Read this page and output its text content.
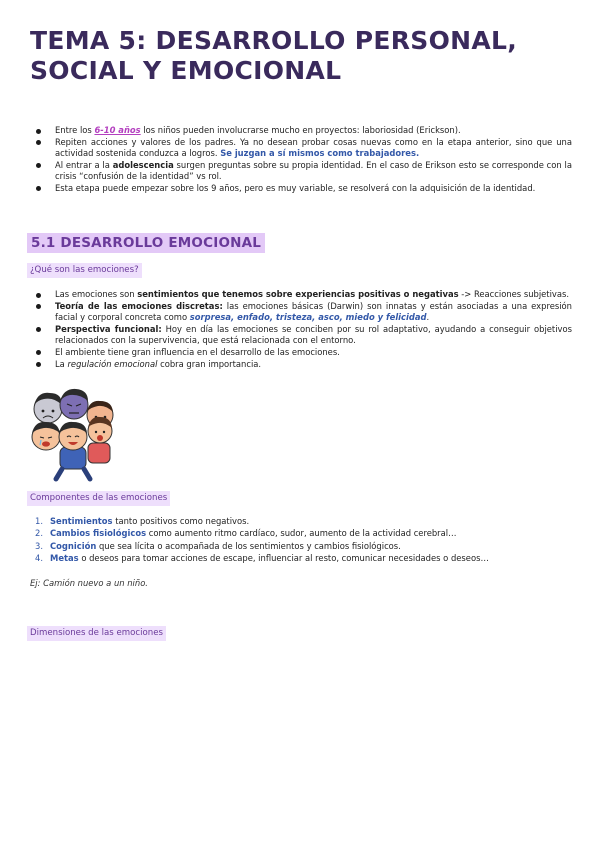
TEMA 5: DESARROLLO PERSONAL,
SOCIAL Y EMOCIONAL
Entre los 6-10 años los niños pueden involucrarse mucho en proyectos: laboriosidad (Erickson).
Repiten acciones y valores de los padres. Ya no desean probar cosas nuevas como en la etapa anterior, sino que una actividad sostenida conduzca a logros. Se juzgan a sí mismos como trabajadores.
Al entrar a la adolescencia surgen preguntas sobre su propia identidad. En el caso de Erikson esto se corresponde con la crisis “confusión de la identidad” vs rol.
Esta etapa puede empezar sobre los 9 años, pero es muy variable, se resolverá con la adquisición de la identidad.
5.1 DESARROLLO EMOCIONAL
¿Qué son las emociones?
Las emociones son sentimientos que tenemos sobre experiencias positivas o negativas -> Reacciones subjetivas.
Teoría de las emociones discretas: las emociones básicas (Darwin) son innatas y están asociadas a una expresión facial y corporal concreta como sorpresa, enfado, tristeza, asco, miedo y felicidad.
Perspectiva funcional: Hoy en día las emociones se conciben por su rol adaptativo, ayudando a conseguir objetivos relacionados con la supervivencia, que está relacionada con el entorno.
El ambiente tiene gran influencia en el desarrollo de las emociones.
La regulación emocional cobra gran importancia.
Componentes de las emociones
1. Sentimientos tanto positivos como negativos.
2. Cambios fisiológicos como aumento ritmo cardíaco, sudor, aumento de la actividad cerebral…
3. Cognición que sea lícita o acompañada de los sentimientos y cambios fisiológicos.
4. Metas o deseos para tomar acciones de escape, influenciar al resto, comunicar necesidades o deseos…
Ej: Camión nuevo a un niño.
Dimensiones de las emociones
